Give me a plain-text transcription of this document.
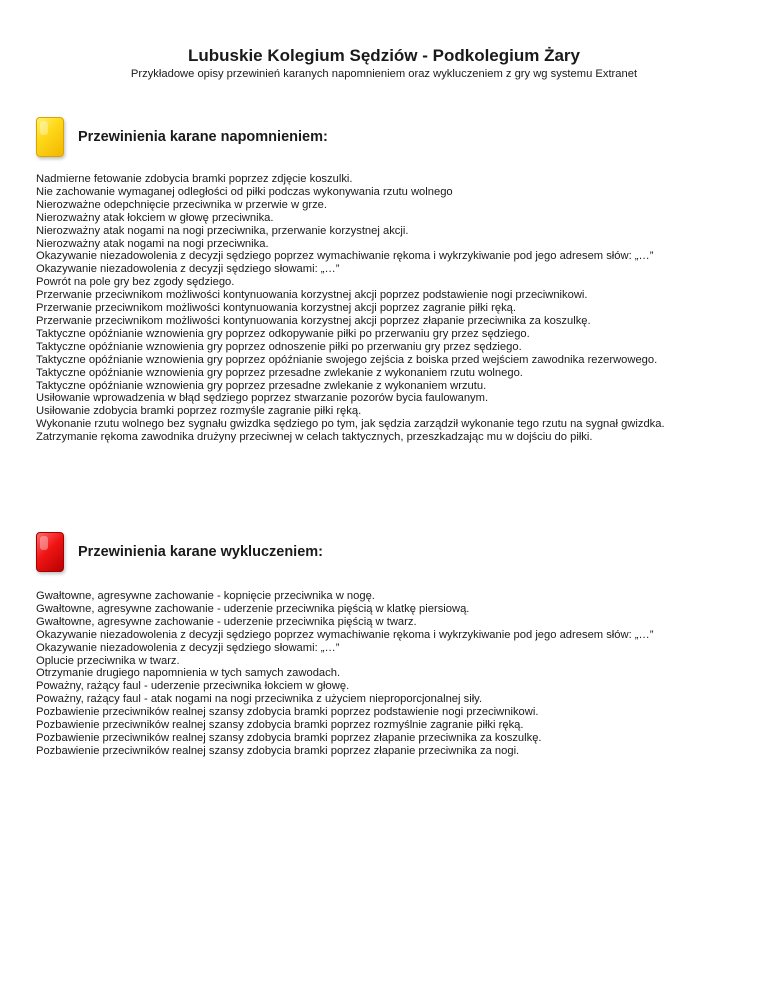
Lubuskie Kolegium Sędziów - Podkolegium Żary
Przykładowe opisy przewinień karanych napomnieniem oraz wykluczeniem z gry wg systemu Extranet
Przewinienia karane napomnieniem:
Nadmierne fetowanie zdobycia bramki poprzez zdjęcie koszulki.
Nie zachowanie wymaganej odległości od piłki podczas wykonywania rzutu wolnego
Nierozważne odepchnięcie przeciwnika w przerwie w grze.
Nierozważny atak łokciem w głowę przeciwnika.
Nierozważny atak nogami na nogi przeciwnika, przerwanie korzystnej akcji.
Nierozważny atak nogami na nogi przeciwnika.
Okazywanie niezadowolenia z decyzji sędziego poprzez wymachiwanie rękoma i wykrzykiwanie pod jego adresem słów: „…”
Okazywanie niezadowolenia z decyzji sędziego słowami: „…”
Powrót na pole gry bez zgody sędziego.
Przerwanie przeciwnikom możliwości kontynuowania korzystnej akcji poprzez podstawienie nogi przeciwnikowi.
Przerwanie przeciwnikom możliwości kontynuowania korzystnej akcji poprzez zagranie piłki ręką.
Przerwanie przeciwnikom możliwości kontynuowania korzystnej akcji poprzez złapanie przeciwnika za koszulkę.
Taktyczne opóźnianie wznowienia gry poprzez odkopywanie piłki po przerwaniu gry przez sędziego.
Taktyczne opóźnianie wznowienia gry poprzez odnoszenie piłki po przerwaniu gry przez sędziego.
Taktyczne opóźnianie wznowienia gry poprzez opóźnianie swojego zejścia z boiska przed wejściem zawodnika rezerwowego.
Taktyczne opóźnianie wznowienia gry poprzez przesadne zwlekanie z wykonaniem rzutu wolnego.
Taktyczne opóźnianie wznowienia gry poprzez przesadne zwlekanie z wykonaniem wrzutu.
Usiłowanie wprowadzenia w błąd sędziego poprzez stwarzanie pozorów bycia faulowanym.
Usiłowanie zdobycia bramki poprzez rozmyśle zagranie piłki ręką.
Wykonanie rzutu wolnego bez sygnału gwizdka sędziego po tym, jak sędzia zarządził wykonanie tego rzutu na sygnał gwizdka.
Zatrzymanie rękoma zawodnika drużyny przeciwnej w celach taktycznych, przeszkadzając mu w dojściu do piłki.
Przewinienia karane wykluczeniem:
Gwałtowne, agresywne zachowanie - kopnięcie przeciwnika w nogę.
Gwałtowne, agresywne zachowanie - uderzenie przeciwnika pięścią w klatkę piersiową.
Gwałtowne, agresywne zachowanie - uderzenie przeciwnika pięścią w twarz.
Okazywanie niezadowolenia z decyzji sędziego poprzez wymachiwanie rękoma i wykrzykiwanie pod jego adresem słów: „…”
Okazywanie niezadowolenia z decyzji sędziego słowami: „…”
Oplucie przeciwnika w twarz.
Otrzymanie drugiego napomnienia w tych samych zawodach.
Poważny, rażący faul - uderzenie przeciwnika łokciem w głowę.
Poważny, rażący faul - atak nogami na nogi przeciwnika z użyciem nieproporcjonalnej siły.
Pozbawienie przeciwników realnej szansy zdobycia bramki poprzez podstawienie nogi przeciwnikowi.
Pozbawienie przeciwników realnej szansy zdobycia bramki poprzez rozmyślnie zagranie piłki ręką.
Pozbawienie przeciwników realnej szansy zdobycia bramki poprzez złapanie przeciwnika za koszulkę.
Pozbawienie przeciwników realnej szansy zdobycia bramki poprzez złapanie przeciwnika za nogi.
